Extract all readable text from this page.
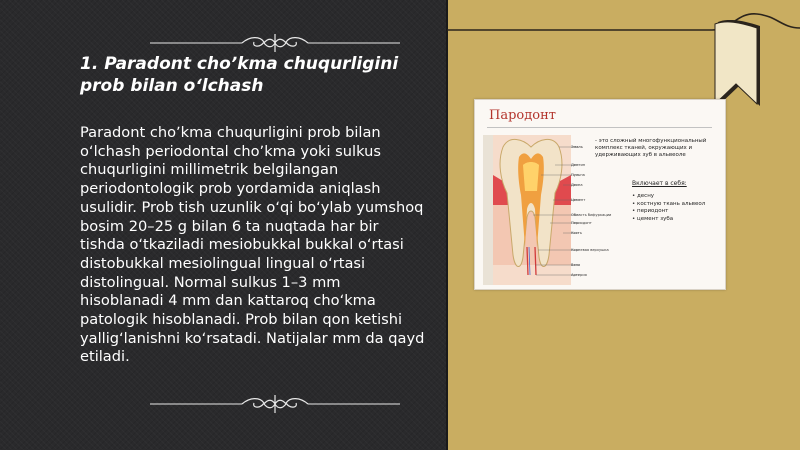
1. Paradont choʼkma chuqurligini prob bilan oʻlchash
Paradont choʼkma chuqurligini prob bilan oʻlchash periodontal choʼkma yoki sulkus chuqurligini millimetrik belgilangan periodontologik prob yordamida aniqlash usulidir. Prob tish uzunlik oʻqi boʻylab yumshoq bosim 20–25 g bilan 6 ta nuqtada har bir tishda oʻtkaziladi mesiobukkal bukkal oʻrtasi distobukkal mesiolingual lingual oʻrtasi distolingual. Normal sulkus 1–3 mm hisoblanadi 4 mm dan kattaroq choʻkma patologik hisoblanadi. Prob bilan qon ketishi yalligʻlanishni koʻrsatadi. Natijalar mm da qayd etiladi.
Пародонт
Эмаль
Дентин
Пульпа
Десна
Цемент
Область бифуркации
Периодонт
Кость
Корневая верхушка
Вена
Артерия
- это сложный многофункциональный комплекс тканей, окружающих и удерживающих зуб в альвеоле
Включает в себя:
• десну
• костную ткань альвеол
• периодонт
• цемент зуба
